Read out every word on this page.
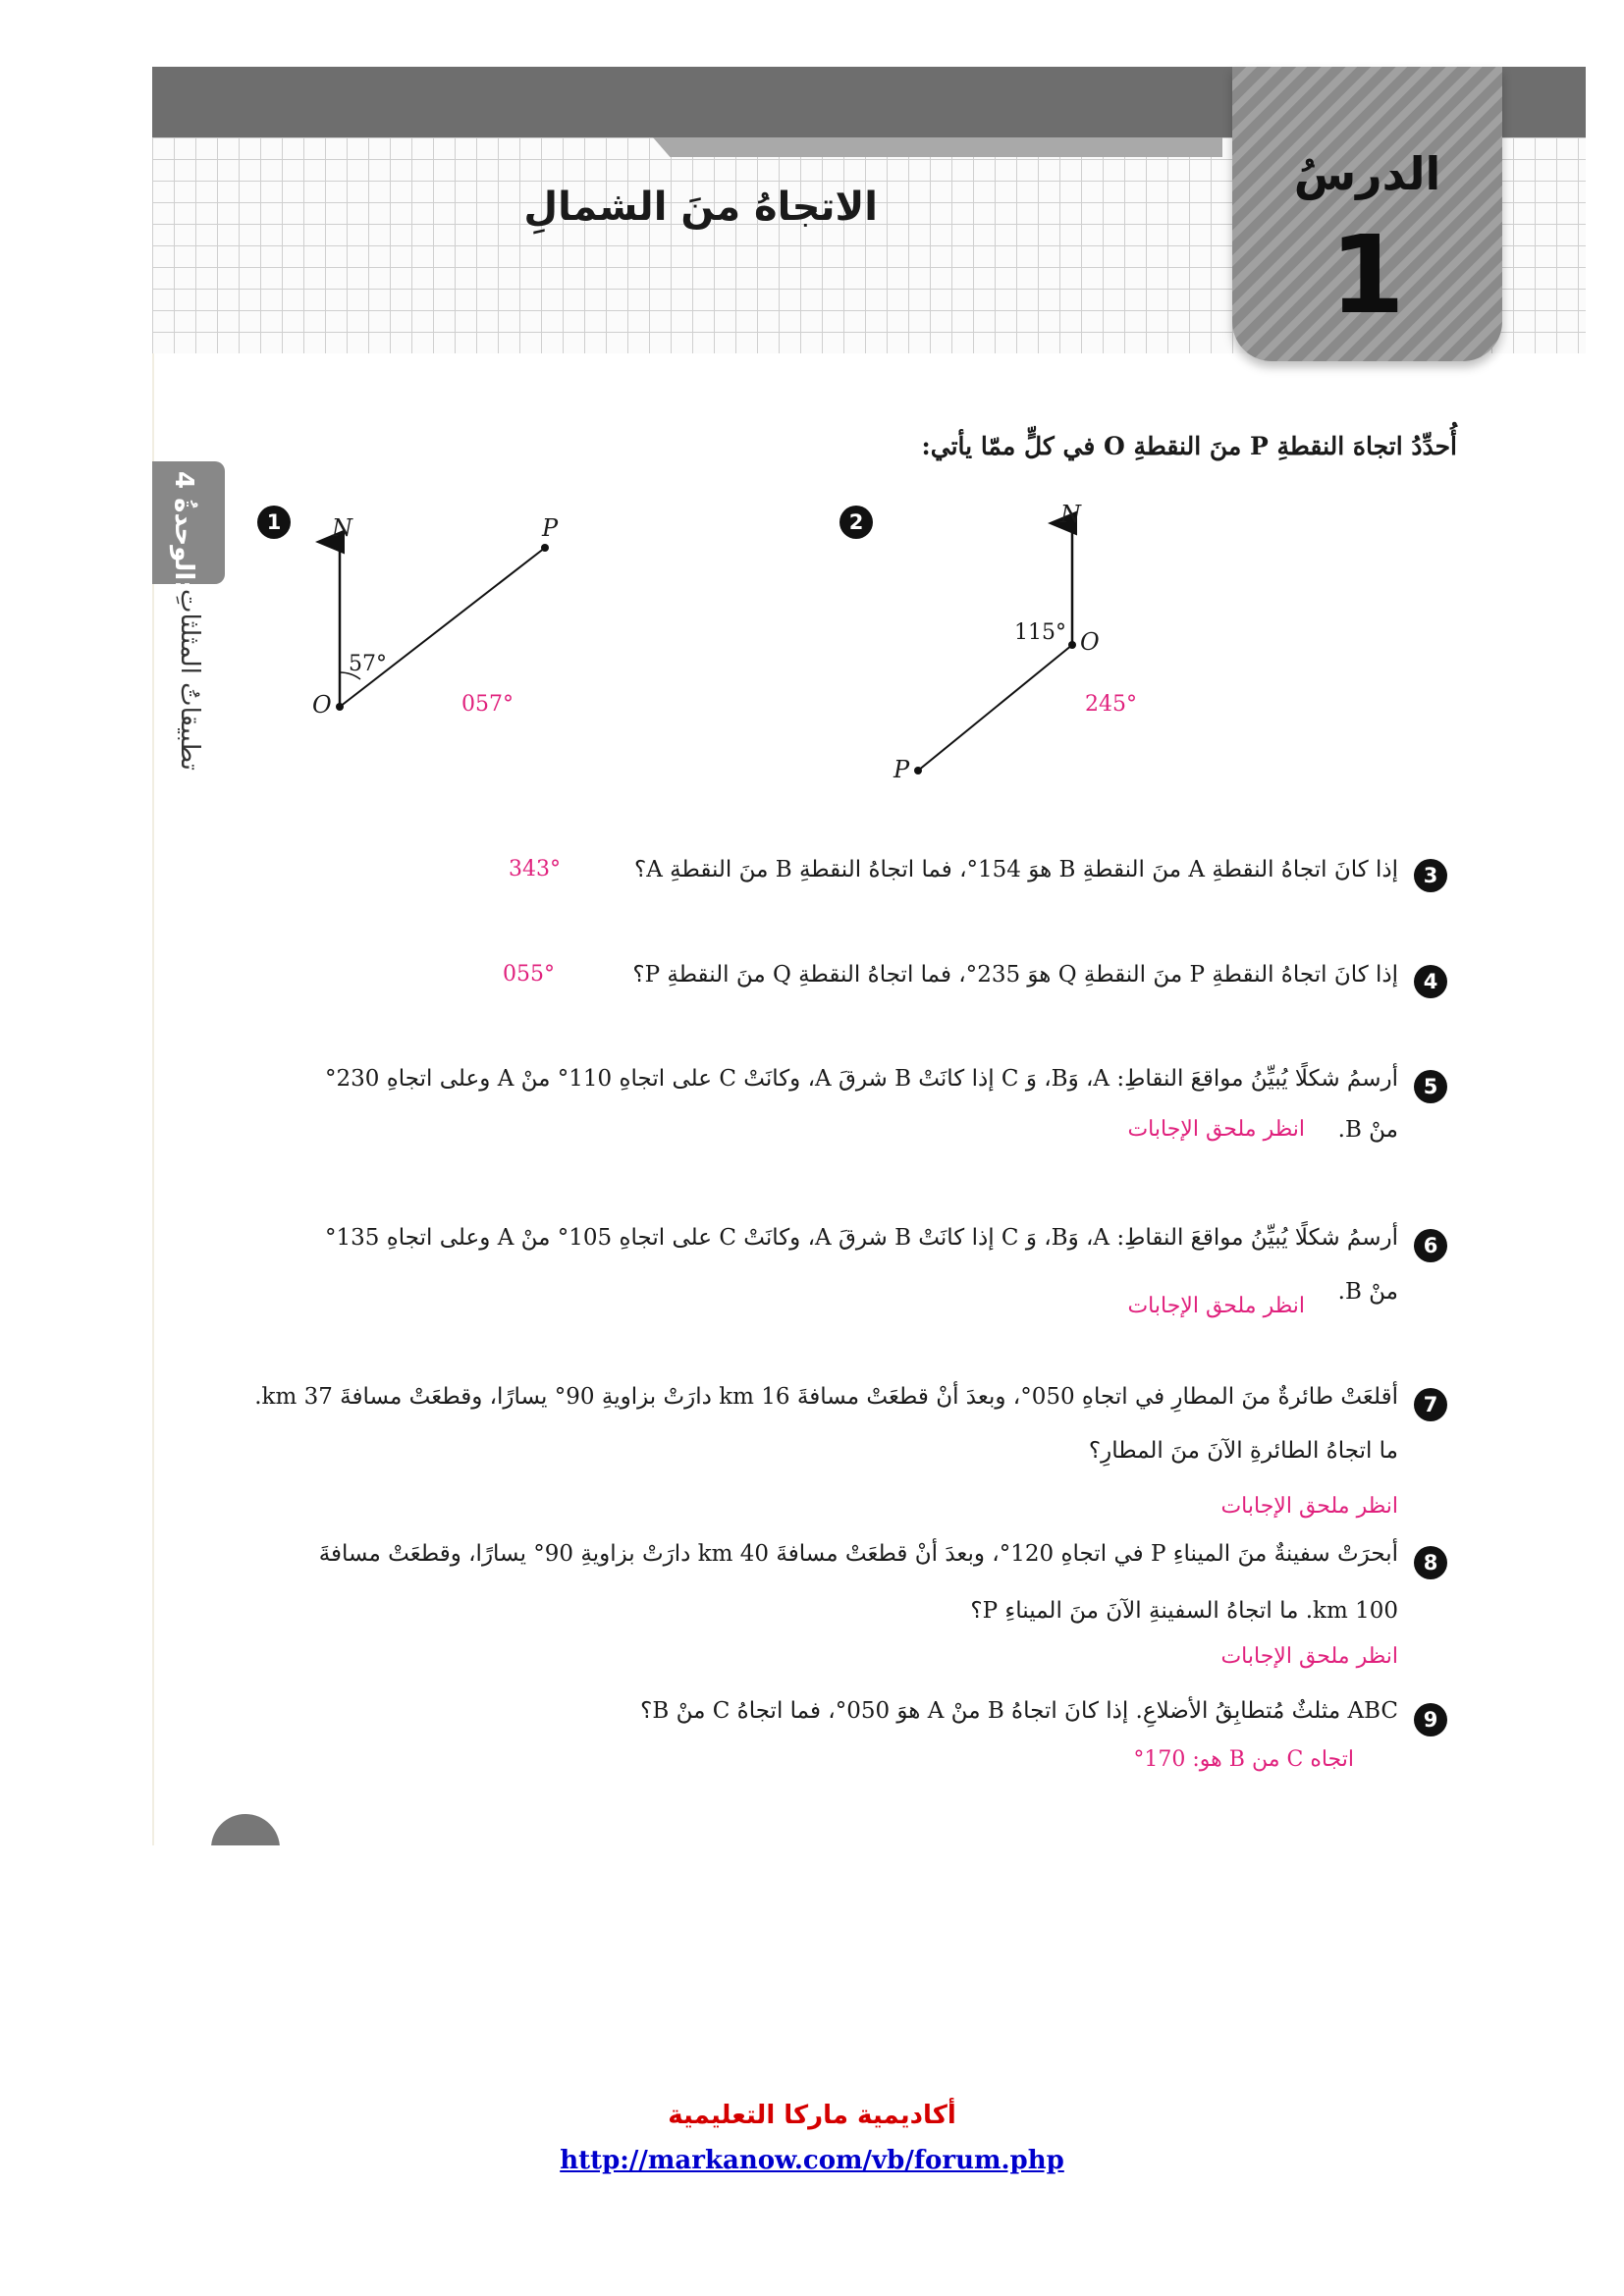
الاتجاهُ منَ الشمالِ
الدرسُ
1
الوحدةُ 4:
تطبيقاتُ المثلثاتِ
أُحدِّدُ اتجاهَ النقطةِ P منَ النقطةِ O في كلٍّ ممّا يأتي:
1	N	P
O
57°
057°
2	N
O
P
115°
245°
3
إذا كانَ اتجاهُ النقطةِ A منَ النقطةِ B هوَ 154°، فما اتجاهُ النقطةِ B منَ النقطةِ A؟
343°
4
إذا كانَ اتجاهُ النقطةِ P منَ النقطةِ Q هوَ 235°، فما اتجاهُ النقطةِ Q منَ النقطةِ P؟
055°
5
أرسمُ شكلًا يُبيِّنُ مواقعَ النقاطِ: A، وَB، وَ C إذا كانَتْ B شرقَ A، وكانَتْ C على اتجاهِ 110° منْ A وعلى اتجاهِ 230°
منْ B.
انظر ملحق الإجابات
6
أرسمُ شكلًا يُبيِّنُ مواقعَ النقاطِ: A، وَB، وَ C إذا كانَتْ B شرقَ A، وكانَتْ C على اتجاهِ 105° منْ A وعلى اتجاهِ 135°
منْ B.
انظر ملحق الإجابات
7
أقلعَتْ طائرةٌ منَ المطارِ في اتجاهِ 050°، وبعدَ أنْ قطعَتْ مسافةَ 16 km دارَتْ بزاويةِ 90° يسارًا، وقطعَتْ مسافةَ 37 km.
ما اتجاهُ الطائرةِ الآنَ منَ المطارِ؟
انظر ملحق الإجابات
8
أبحرَتْ سفينةٌ منَ الميناءِ P في اتجاهِ 120°، وبعدَ أنْ قطعَتْ مسافةَ 40 km دارَتْ بزاويةِ 90° يسارًا، وقطعَتْ مسافةَ
100 km. ما اتجاهُ السفينةِ الآنَ منَ الميناءِ P؟
انظر ملحق الإجابات
9
ABC مثلثٌ مُتطابِقُ الأضلاعِ. إذا كانَ اتجاهُ B منْ A هوَ 050°، فما اتجاهُ C منْ B؟
اتجاه C من B هو: 170°
أكاديمية ماركا التعليمية
http://markanow.com/vb/forum.php
